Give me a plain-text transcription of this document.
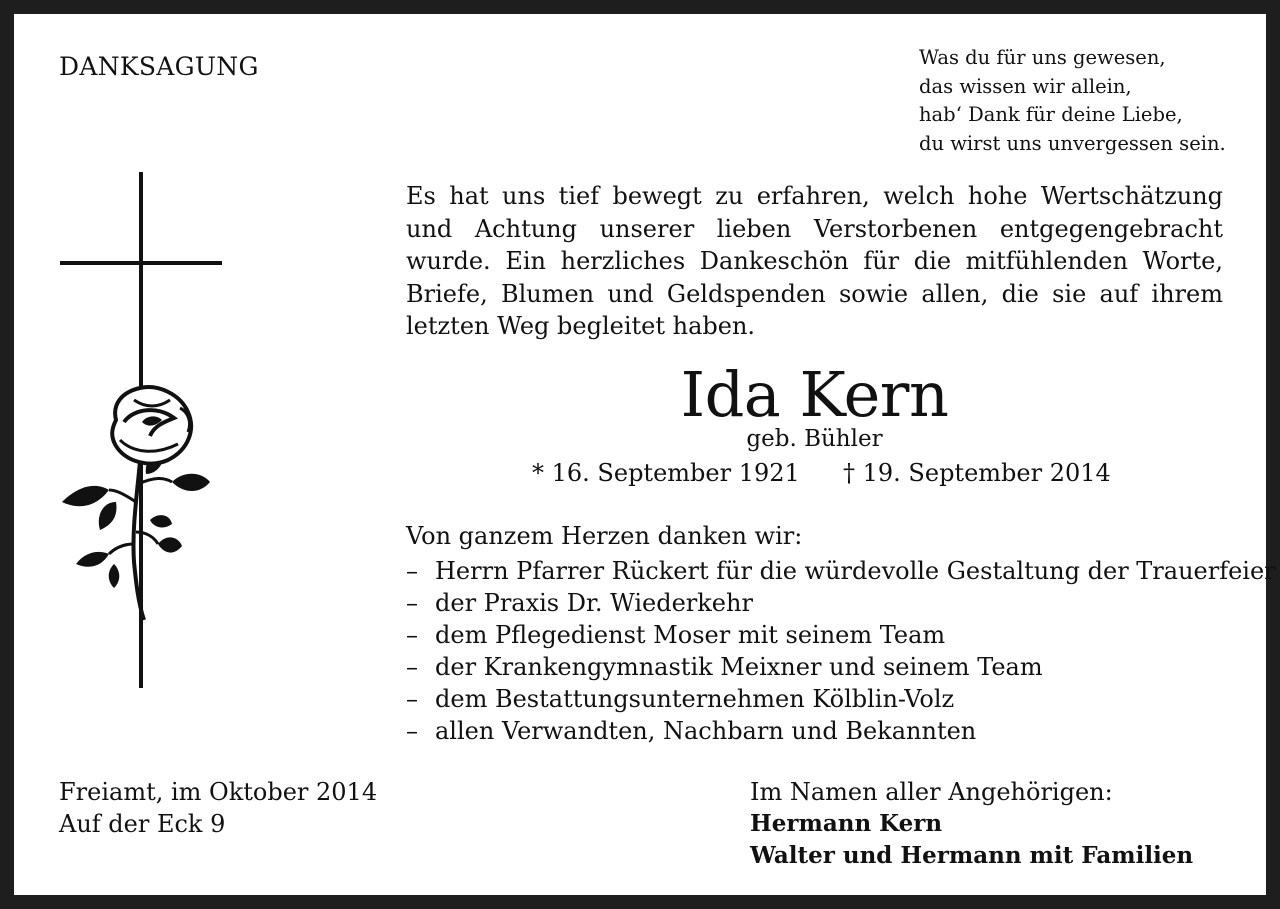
DANKSAGUNG	Was du für uns gewesen,
das wissen wir allein,
hab‘ Dank für deine Liebe,
du wirst uns unvergessen sein.
Es hat uns tief bewegt zu erfahren, welch hohe Wertschätzung und Achtung unserer lieben Verstorbenen entgegengebracht wurde. Ein herzliches Dankeschön für die mitfühlenden Worte, Briefe, Blumen und Geldspenden sowie allen, die sie auf ihrem letzten Weg begleitet haben.
Ida Kern
geb. Bühler
* 16. September 1921 † 19. September 2014
Von ganzem Herzen danken wir:
– Herrn Pfarrer Rückert für die würdevolle Gestaltung der Trauerfeier
– der Praxis Dr. Wiederkehr
– dem Pflegedienst Moser mit seinem Team
– der Krankengymnastik Meixner und seinem Team
– dem Bestattungsunternehmen Kölblin-Volz
– allen Verwandten, Nachbarn und Bekannten
Freiamt, im Oktober 2014
Auf der Eck 9
Im Namen aller Angehörigen:
Hermann Kern
Walter und Hermann mit Familien
